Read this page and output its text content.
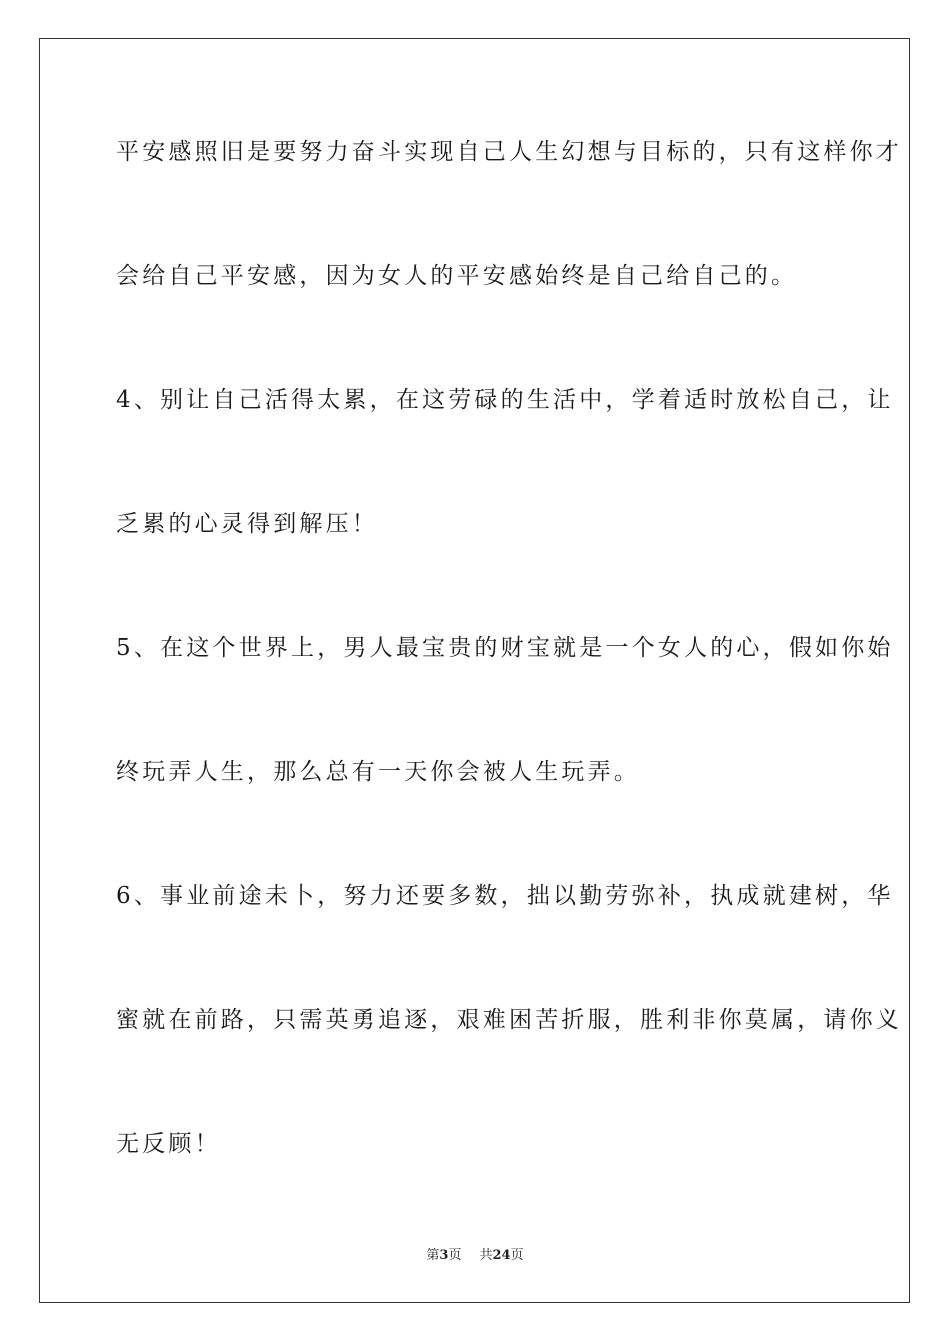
平安感照旧是要努力奋斗实现自己人生幻想与目标的，只有这样你才
会给自己平安感，因为女人的平安感始终是自己给自己的。
4、别让自己活得太累，在这劳碌的生活中，学着适时放松自己，让
乏累的心灵得到解压！
5、在这个世界上，男人最宝贵的财宝就是一个女人的心，假如你始
终玩弄人生，那么总有一天你会被人生玩弄。
6、事业前途未卜，努力还要多数，拙以勤劳弥补，执成就建树，华
蜜就在前路，只需英勇追逐，艰难困苦折服，胜利非你莫属，请你义
无反顾！
第3页 共24页
